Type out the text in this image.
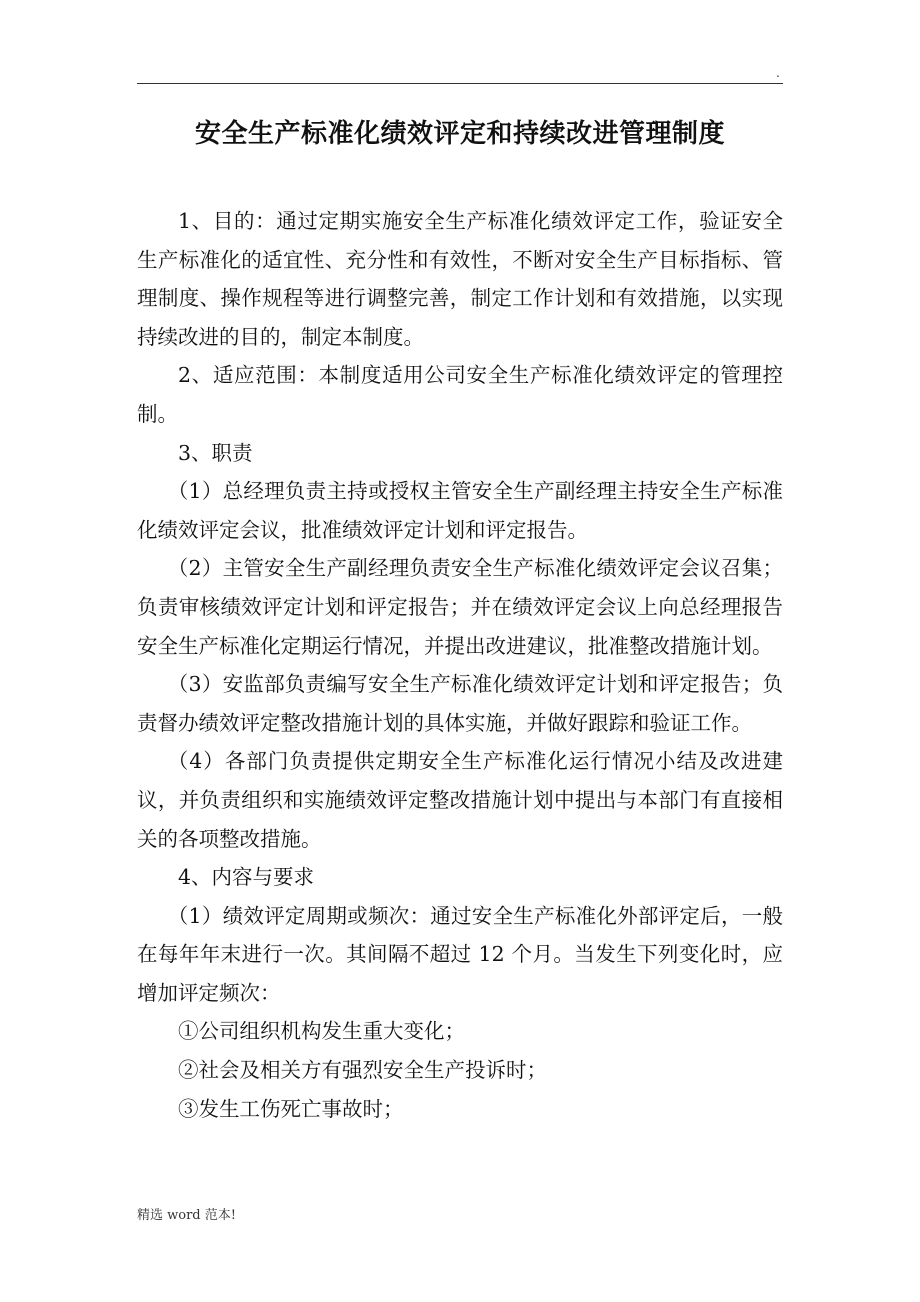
.
安全生产标准化绩效评定和持续改进管理制度

1、目的：通过定期实施安全生产标准化绩效评定工作，验证安全生产标准化的适宜性、充分性和有效性，不断对安全生产目标指标、管理制度、操作规程等进行调整完善，制定工作计划和有效措施，以实现持续改进的目的，制定本制度。

2、适应范围：本制度适用公司安全生产标准化绩效评定的管理控制。

3、职责

（1）总经理负责主持或授权主管安全生产副经理主持安全生产标准化绩效评定会议，批准绩效评定计划和评定报告。

（2）主管安全生产副经理负责安全生产标准化绩效评定会议召集；负责审核绩效评定计划和评定报告；并在绩效评定会议上向总经理报告安全生产标准化定期运行情况，并提出改进建议，批准整改措施计划。

（3）安监部负责编写安全生产标准化绩效评定计划和评定报告；负责督办绩效评定整改措施计划的具体实施，并做好跟踪和验证工作。

（4）各部门负责提供定期安全生产标准化运行情况小结及改进建议，并负责组织和实施绩效评定整改措施计划中提出与本部门有直接相关的各项整改措施。

4、内容与要求

（1）绩效评定周期或频次：通过安全生产标准化外部评定后，一般在每年年末进行一次。其间隔不超过 12 个月。当发生下列变化时，应增加评定频次：

①公司组织机构发生重大变化；

②社会及相关方有强烈安全生产投诉时；

③发生工伤死亡事故时；

精选 word 范本!
